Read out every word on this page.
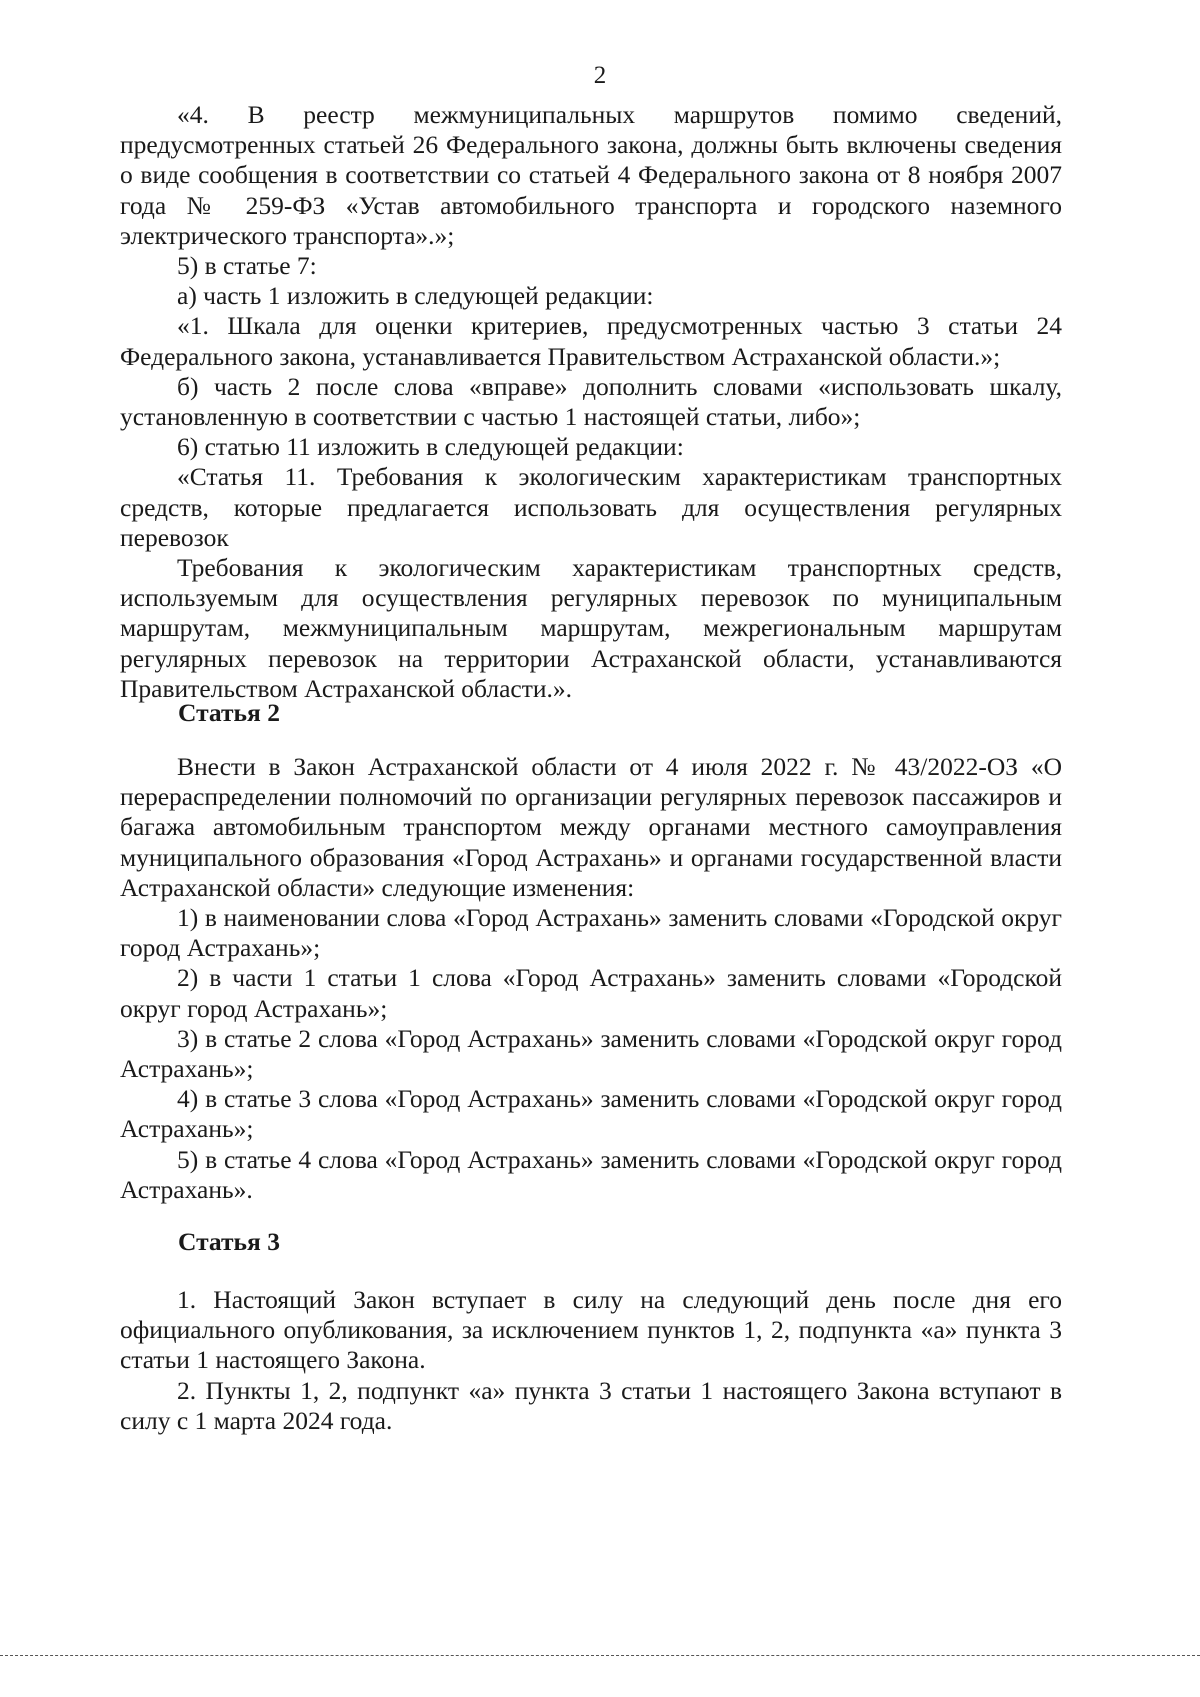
2

«4. В реестр межмуниципальных маршрутов помимо сведений, предусмотренных статьей 26 Федерального закона, должны быть включены сведения о виде сообщения в соответствии со статьей 4 Федерального закона от 8 ноября 2007 года № 259-ФЗ «Устав автомобильного транспорта и городского наземного электрического транспорта».»;

5) в статье 7:

а) часть 1 изложить в следующей редакции:

«1. Шкала для оценки критериев, предусмотренных частью 3 статьи 24 Федерального закона, устанавливается Правительством Астраханской области.»;

б) часть 2 после слова «вправе» дополнить словами «использовать шкалу, установленную в соответствии с частью 1 настоящей статьи, либо»;

6) статью 11 изложить в следующей редакции:

«Статья 11. Требования к экологическим характеристикам транспортных средств, которые предлагается использовать для осуществления регулярных перевозок

Требования к экологическим характеристикам транспортных средств, используемым для осуществления регулярных перевозок по муниципальным маршрутам, межмуниципальным маршрутам, межрегиональным маршрутам регулярных перевозок на территории Астраханской области, устанавливаются Правительством Астраханской области.».

Статья 2

Внести в Закон Астраханской области от 4 июля 2022 г. № 43/2022-ОЗ «О перераспределении полномочий по организации регулярных перевозок пассажиров и багажа автомобильным транспортом между органами местного самоуправления муниципального образования «Город Астрахань» и органами государственной власти Астраханской области» следующие изменения:

1) в наименовании слова «Город Астрахань» заменить словами «Городской округ город Астрахань»;

2) в части 1 статьи 1 слова «Город Астрахань» заменить словами «Городской округ город Астрахань»;

3) в статье 2 слова «Город Астрахань» заменить словами «Городской округ город Астрахань»;

4) в статье 3 слова «Город Астрахань» заменить словами «Городской округ город Астрахань»;

5) в статье 4 слова «Город Астрахань» заменить словами «Городской округ город Астрахань».

Статья 3

1. Настоящий Закон вступает в силу на следующий день после дня его официального опубликования, за исключением пунктов 1, 2, подпункта «а» пункта 3 статьи 1 настоящего Закона.

2. Пункты 1, 2, подпункт «а» пункта 3 статьи 1 настоящего Закона вступают в силу с 1 марта 2024 года.
